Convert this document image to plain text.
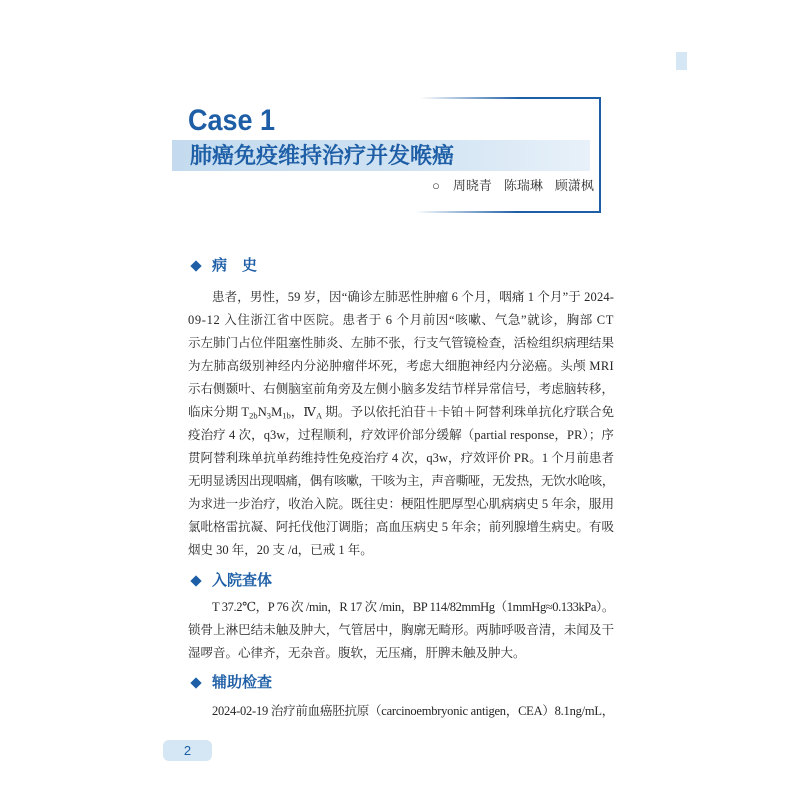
Case 1
肺癌免疫维持治疗并发喉癌
○ 周晓青 陈瑞琳 顾潇枫
病　史
患者，男性，59 岁，因“确诊左肺恶性肿瘤 6 个月，咽痛 1 个月”于 2024-
09-12 入住浙江省中医院。患者于 6 个月前因“咳嗽、气急”就诊，胸部 CT
示左肺门占位伴阻塞性肺炎、左肺不张，行支气管镜检查，活检组织病理结果
为左肺高级别神经内分泌肿瘤伴坏死，考虑大细胞神经内分泌癌。头颅 MRI
示右侧颞叶、右侧脑室前角旁及左侧小脑多发结节样异常信号，考虑脑转移，
临床分期 $T_{2b}N_3M_{1b}$，$Ⅳ_A$ 期。予以依托泊苷＋卡铂＋阿替利珠单抗化疗联合免
疫治疗 4 次，q3w，过程顺利，疗效评价部分缓解（partial response，PR）；序
贯阿替利珠单抗单药维持性免疫治疗 4 次，q3w，疗效评价 PR。1 个月前患者
无明显诱因出现咽痛，偶有咳嗽，干咳为主，声音嘶哑，无发热，无饮水呛咳，
为求进一步治疗，收治入院。既往史：梗阻性肥厚型心肌病病史 5 年余，服用
氯吡格雷抗凝、阿托伐他汀调脂；高血压病史 5 年余；前列腺增生病史。有吸
烟史 30 年，20 支 /d，已戒 1 年。
入院查体
T 37.2℃，P 76 次 /min，R 17 次 /min，BP 114/82mmHg（1mmHg≈0.133kPa）。
锁骨上淋巴结未触及肿大，气管居中，胸廓无畸形。两肺呼吸音清，未闻及干
湿啰音。心律齐，无杂音。腹软，无压痛，肝脾未触及肿大。
辅助检查
2024-02-19 治疗前血癌胚抗原（carcinoembryonic antigen，CEA）8.1ng/mL，
2
